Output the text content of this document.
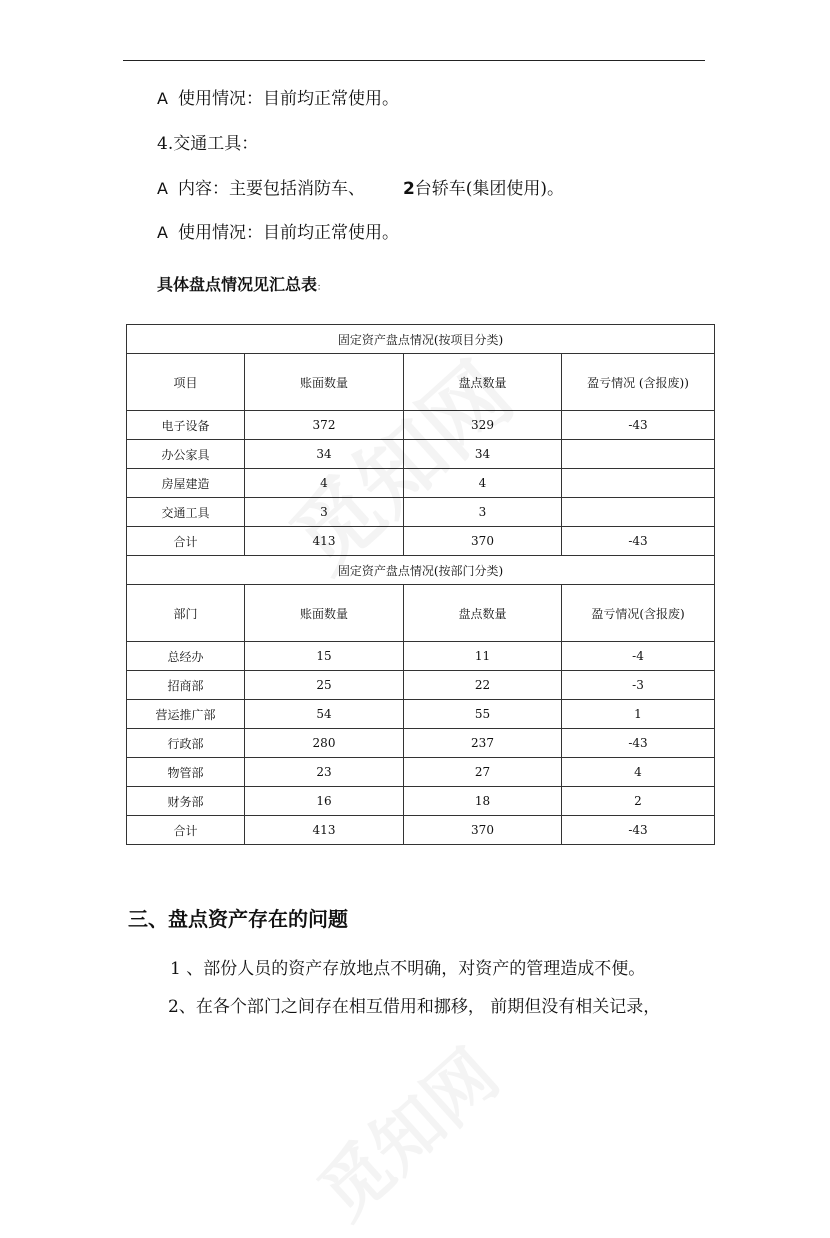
A 使用情况：目前均正常使用。
4.交通工具：
A 内容：主要包括消防车、 2台轿车(集团使用)。
A 使用情况：目前均正常使用。
具体盘点情况见汇总表：
固定资产盘点情况(按项目分类)			
项目	账面数量	盘点数量	盈亏情况 (含报废))
电子设备	372	329	-43
办公家具	34	34	
房屋建造	4	4	
交通工具	3	3	
合计	413	370	-43
固定资产盘点情况(按部门分类)			
部门	账面数量	盘点数量	盈亏情况(含报废)
总经办	15	11	-4
招商部	25	22	-3
营运推广部	54	55	1
行政部	280	237	-43
物管部	23	27	4
财务部	16	18	2
合计	413	370	-43
三、盘点资产存在的问题
1 、部份人员的资产存放地点不明确，对资产的管理造成不便。
2、在各个部门之间存在相互借用和挪移， 前期但没有相关记录，
